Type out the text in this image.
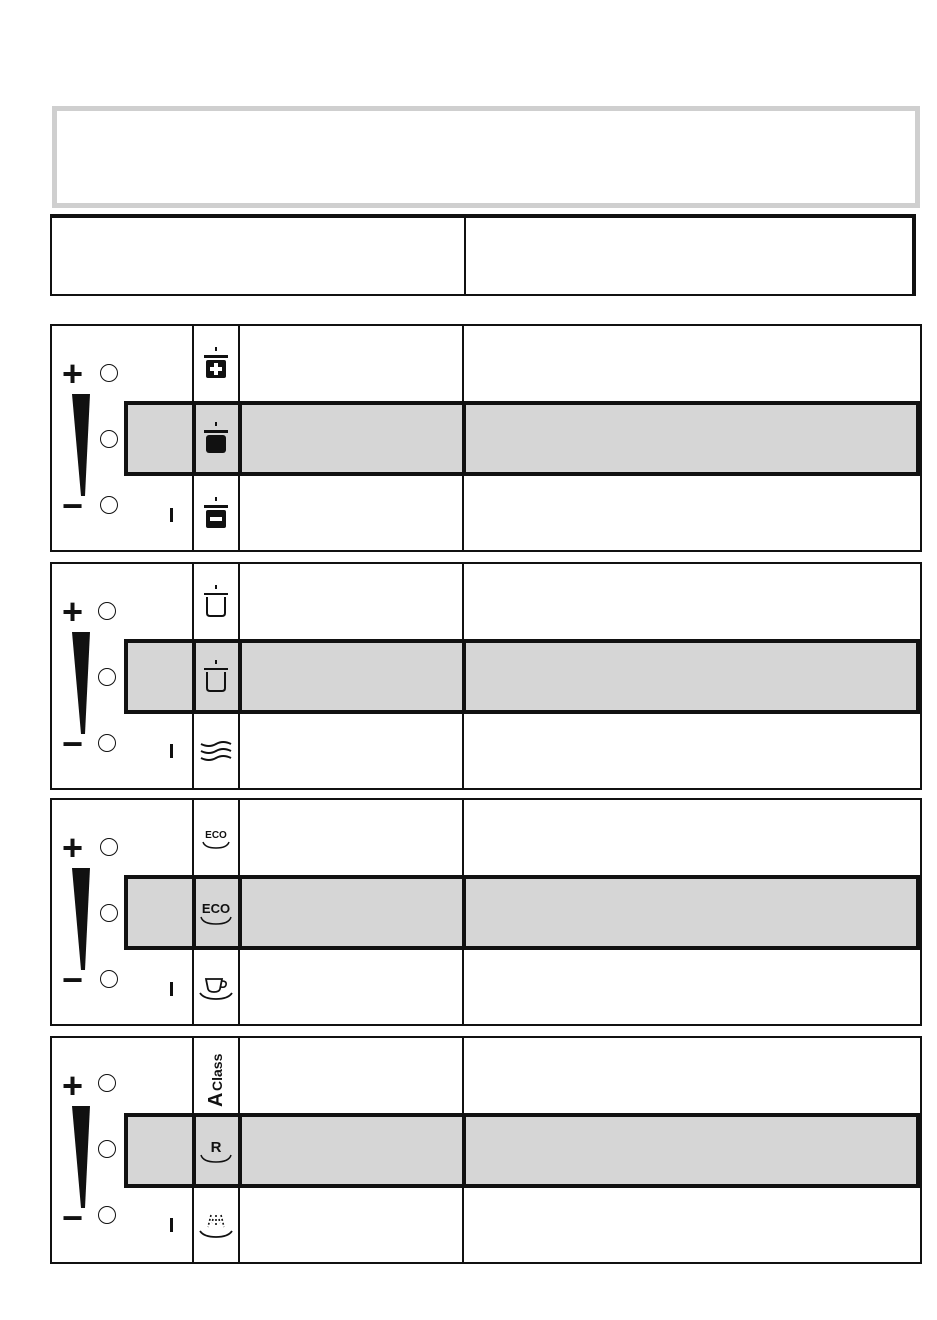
+
−
+
−
+
−
ECO
ECO
+
−
A
Class
R
